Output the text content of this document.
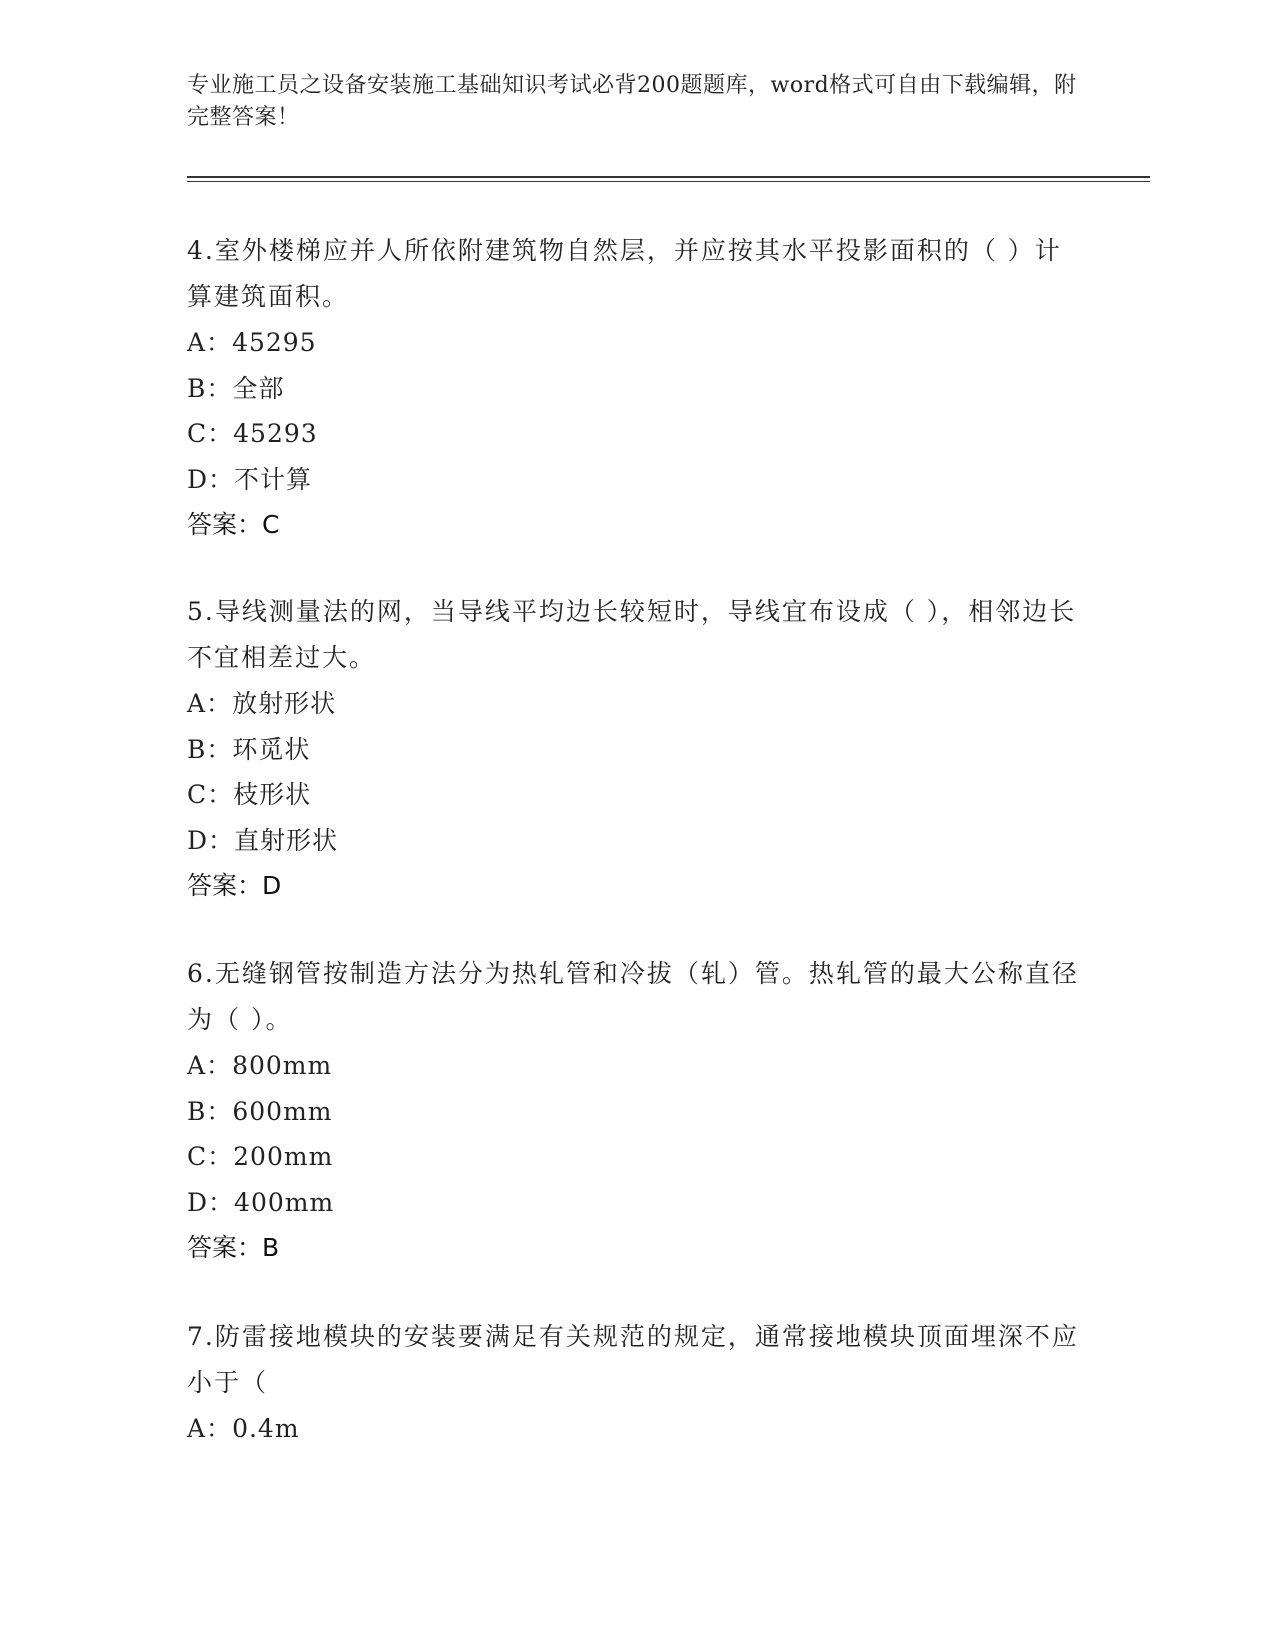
专业施工员之设备安装施工基础知识考试必背200题题库，word格式可自由下载编辑，附完整答案！

4.室外楼梯应并人所依附建筑物自然层，并应按其水平投影面积的（ ）计算建筑面积。

A：45295

B：全部

C：45293

D：不计算

答案：C

5.导线测量法的网，当导线平均边长较短时，导线宜布设成（ ），相邻边长不宜相差过大。

A：放射形状

B：环觅状

C：枝形状

D：直射形状

答案：D

6.无缝钢管按制造方法分为热轧管和冷拔（轧）管。热轧管的最大公称直径为（ ）。

A：800mm

B：600mm

C：200mm

D：400mm

答案：B

7.防雷接地模块的安装要满足有关规范的规定，通常接地模块顶面埋深不应小于（

A：0.4m
